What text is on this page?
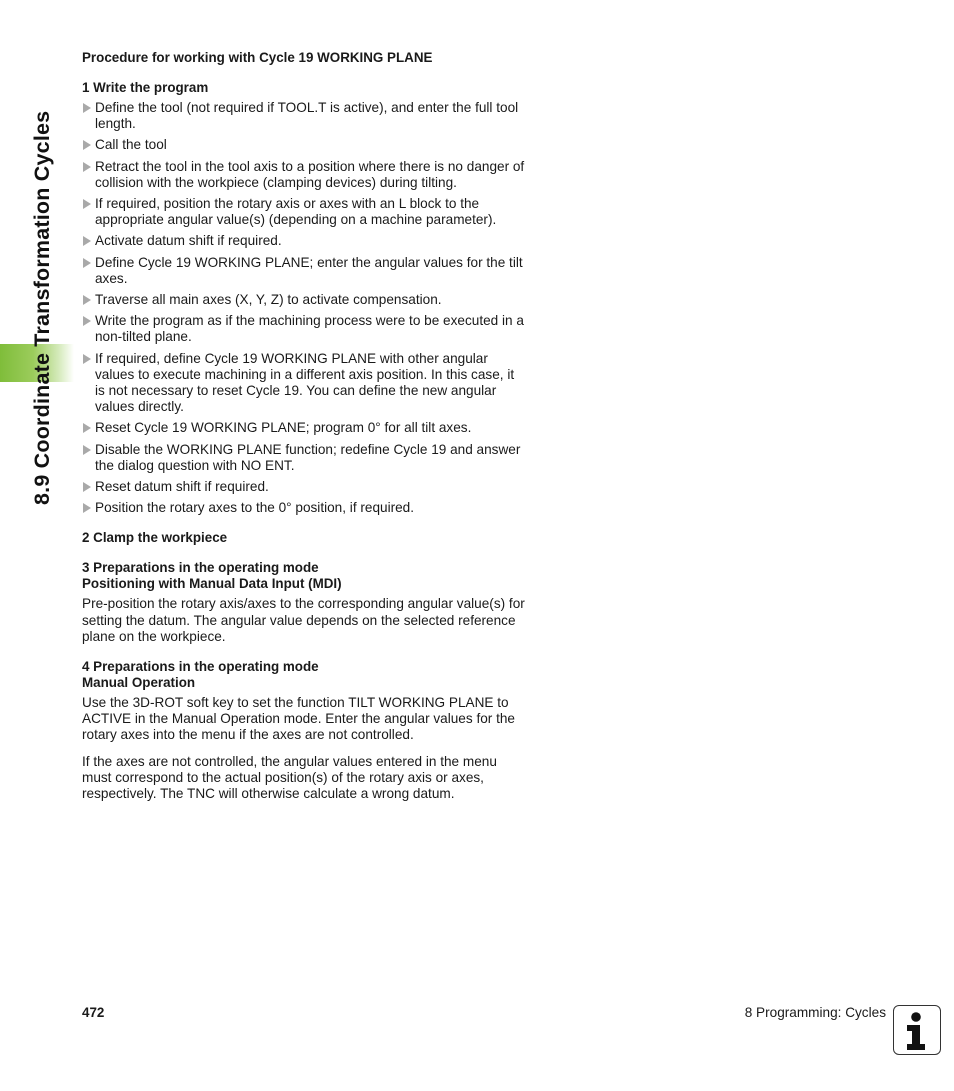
8.9 Coordinate Transformation Cycles
Procedure for working with Cycle 19 WORKING PLANE
1 Write the program
Define the tool (not required if TOOL.T is active), and enter the full tool length.
Call the tool
Retract the tool in the tool axis to a position where there is no danger of collision with the workpiece (clamping devices) during tilting.
If required, position the rotary axis or axes with an L block to the appropriate angular value(s) (depending on a machine parameter).
Activate datum shift if required.
Define Cycle 19 WORKING PLANE; enter the angular values for the tilt axes.
Traverse all main axes (X, Y, Z) to activate compensation.
Write the program as if the machining process were to be executed in a non-tilted plane.
If required, define Cycle 19 WORKING PLANE with other angular values to execute machining in a different axis position. In this case, it is not necessary to reset Cycle 19. You can define the new angular values directly.
Reset Cycle 19 WORKING PLANE; program 0° for all tilt axes.
Disable the WORKING PLANE function; redefine Cycle 19 and answer the dialog question with NO ENT.
Reset datum shift if required.
Position the rotary axes to the 0° position, if required.
2 Clamp the workpiece
3 Preparations in the operating mode
Positioning with Manual Data Input (MDI)

Pre-position the rotary axis/axes to the corresponding angular value(s) for setting the datum. The angular value depends on the selected reference plane on the workpiece.

4 Preparations in the operating mode
Manual Operation

Use the 3D-ROT soft key to set the function TILT WORKING PLANE to ACTIVE in the Manual Operation mode. Enter the angular values for the rotary axes into the menu if the axes are not controlled.

If the axes are not controlled, the angular values entered in the menu must correspond to the actual position(s) of the rotary axis or axes, respectively. The TNC will otherwise calculate a wrong datum.

472	8 Programming: Cycles
